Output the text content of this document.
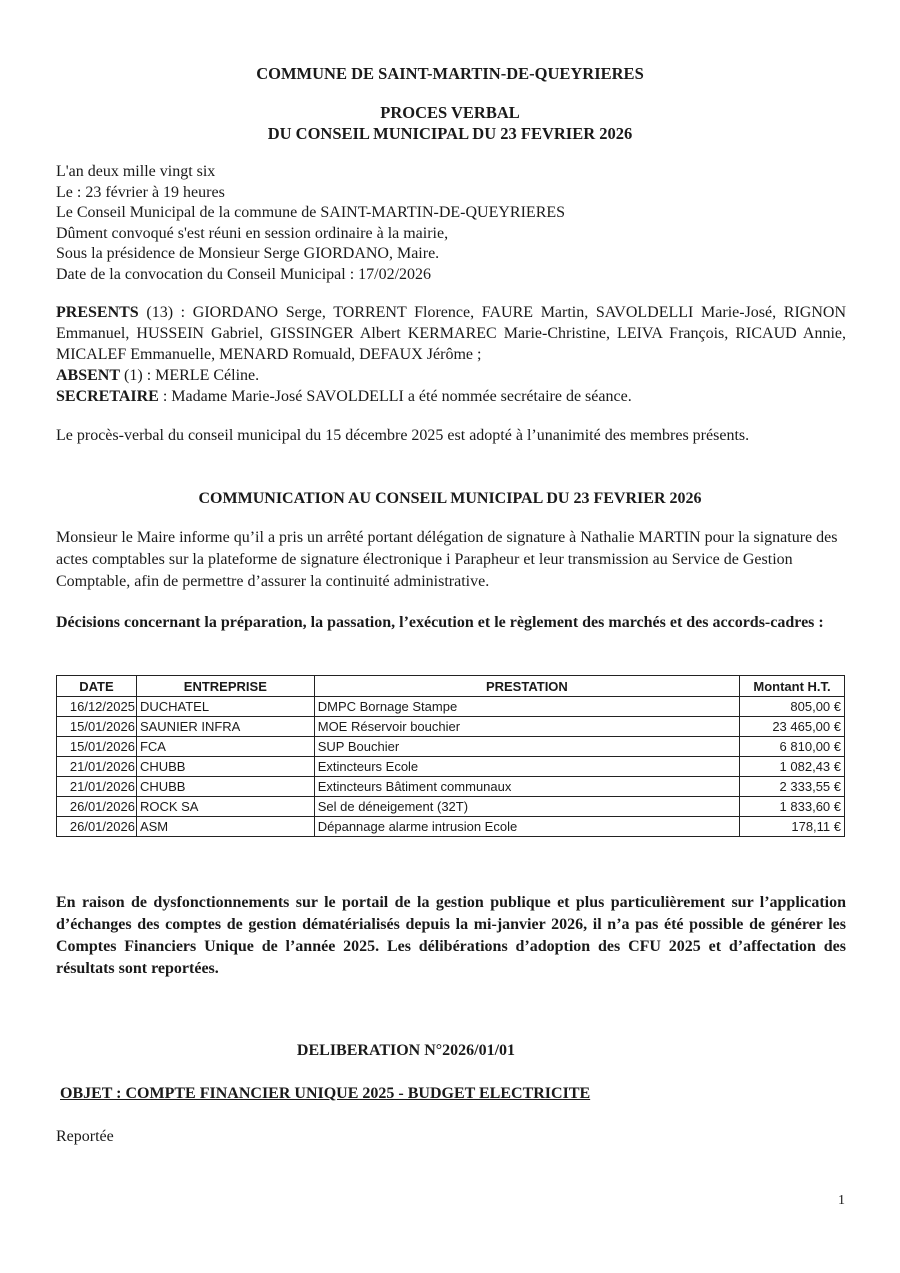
COMMUNE DE SAINT-MARTIN-DE-QUEYRIERES
PROCES VERBAL
DU CONSEIL MUNICIPAL DU 23 FEVRIER 2026
L'an deux mille vingt six
Le : 23 février à 19 heures
Le Conseil Municipal de la commune de SAINT-MARTIN-DE-QUEYRIERES
Dûment convoqué s'est réuni en session ordinaire à la mairie,
Sous la présidence de Monsieur Serge GIORDANO, Maire.
Date de la convocation du Conseil Municipal : 17/02/2026
PRESENTS (13) : GIORDANO Serge, TORRENT Florence, FAURE Martin, SAVOLDELLI Marie-José, RIGNON Emmanuel, HUSSEIN Gabriel, GISSINGER Albert KERMAREC Marie-Christine, LEIVA François, RICAUD Annie, MICALEF Emmanuelle, MENARD Romuald, DEFAUX Jérôme ;
ABSENT (1) : MERLE Céline.
SECRETAIRE : Madame Marie-José SAVOLDELLI a été nommée secrétaire de séance.
Le procès-verbal du conseil municipal du 15 décembre 2025 est adopté à l’unanimité des membres présents.
COMMUNICATION AU CONSEIL MUNICIPAL DU 23 FEVRIER 2026
Monsieur le Maire informe qu’il a pris un arrêté portant délégation de signature à Nathalie MARTIN pour la signature des actes comptables sur la plateforme de signature électronique i Parapheur et leur transmission au Service de Gestion Comptable, afin de permettre d’assurer la continuité administrative.
Décisions concernant la préparation, la passation, l’exécution et le règlement des marchés et des accords-cadres :
DATE	ENTREPRISE	PRESTATION	Montant H.T.
16/12/2025	DUCHATEL	DMPC Bornage Stampe	805,00 €
15/01/2026	SAUNIER INFRA	MOE Réservoir bouchier	23 465,00 €
15/01/2026	FCA	SUP Bouchier	6 810,00 €
21/01/2026	CHUBB	Extincteurs Ecole	1 082,43 €
21/01/2026	CHUBB	Extincteurs Bâtiment communaux	2 333,55 €
26/01/2026	ROCK SA	Sel de déneigement (32T)	1 833,60 €
26/01/2026	ASM	Dépannage alarme intrusion Ecole	178,11 €
En raison de dysfonctionnements sur le portail de la gestion publique et plus particulièrement sur l’application d’échanges des comptes de gestion dématérialisés depuis la mi-janvier 2026, il n’a pas été possible de générer les Comptes Financiers Unique de l’année 2025. Les délibérations d’adoption des CFU 2025 et d’affectation des résultats sont reportées.
DELIBERATION N°2026/01/01
OBJET : COMPTE FINANCIER UNIQUE 2025 - BUDGET ELECTRICITE
Reportée
1
